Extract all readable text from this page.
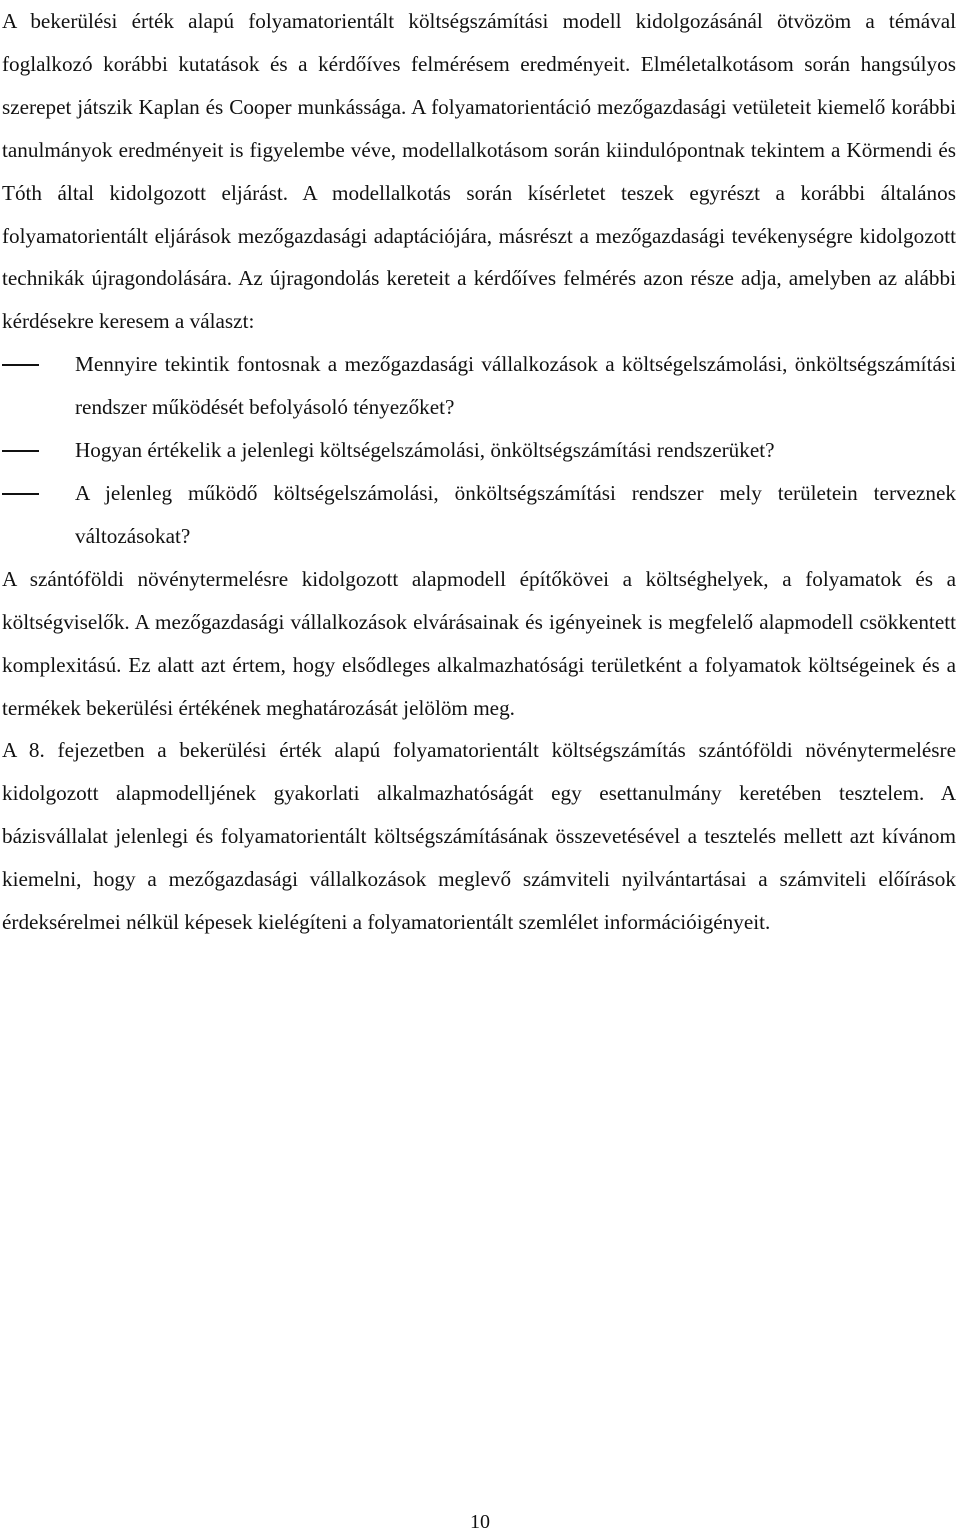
A bekerülési érték alapú folyamatorientált költségszámítási modell kidolgozásánál ötvözöm a témával foglalkozó korábbi kutatások és a kérdőíves felmérésem eredményeit. Elméletalkotásom során hangsúlyos szerepet játszik Kaplan és Cooper munkássága. A folyamatorientáció mezőgazdasági vetületeit kiemelő korábbi tanulmányok eredményeit is figyelembe véve, modellalkotásom során kiindulópontnak tekintem a Körmendi és Tóth által kidolgozott eljárást. A modellalkotás során kísérletet teszek egyrészt a korábbi általános folyamatorientált eljárások mezőgazdasági adaptációjára, másrészt a mezőgazdasági tevékenységre kidolgozott technikák újragondolására. Az újragondolás kereteit a kérdőíves felmérés azon része adja, amelyben az alábbi kérdésekre keresem a választ:

Mennyire tekintik fontosnak a mezőgazdasági vállalkozások a költségelszámolási, önköltségszámítási rendszer működését befolyásoló tényezőket?
Hogyan értékelik a jelenlegi költségelszámolási, önköltségszámítási rendszerüket?
A jelenleg működő költségelszámolási, önköltségszámítási rendszer mely területein terveznek változásokat?

A szántóföldi növénytermelésre kidolgozott alapmodell építőkövei a költséghelyek, a folyamatok és a költségviselők. A mezőgazdasági vállalkozások elvárásainak és igényeinek is megfelelő alapmodell csökkentett komplexitású. Ez alatt azt értem, hogy elsődleges alkalmazhatósági területként a folyamatok költségeinek és a termékek bekerülési értékének meghatározását jelölöm meg.

A 8. fejezetben a bekerülési érték alapú folyamatorientált költségszámítás szántóföldi növénytermelésre kidolgozott alapmodelljének gyakorlati alkalmazhatóságát egy esettanulmány keretében tesztelem. A bázisvállalat jelenlegi és folyamatorientált költségszámításának összevetésével a tesztelés mellett azt kívánom kiemelni, hogy a mezőgazdasági vállalkozások meglevő számviteli nyilvántartásai a számviteli előírások érdeksérelmei nélkül képesek kielégíteni a folyamatorientált szemlélet információigényeit.

10
